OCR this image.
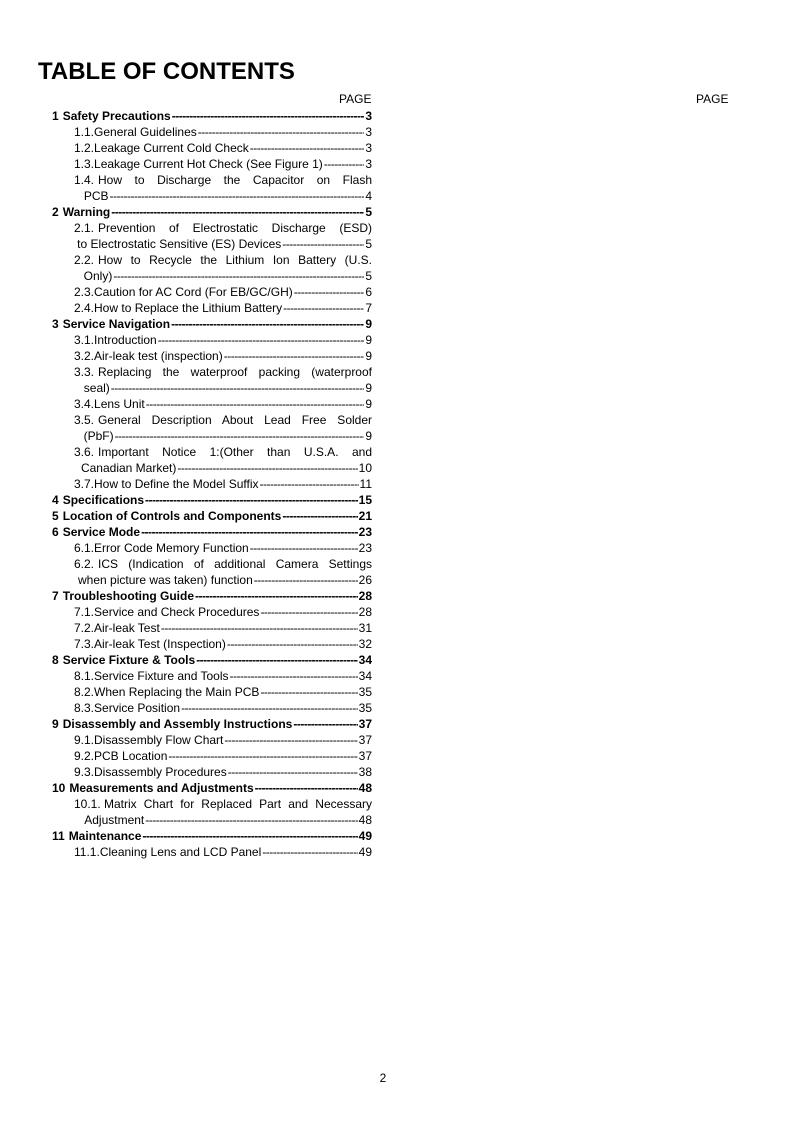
TABLE OF CONTENTS
PAGE	PAGE
1 Safety Precautions -----	3
1.1. General Guidelines -----	3
1.2. Leakage Current Cold Check -----	3
1.3. Leakage Current Hot Check (See Figure 1) -----	3
1.4. How to Discharge the Capacitor on Flash
PCB -----	4
2 Warning -----	5
2.1. Prevention of Electrostatic Discharge (ESD)
to Electrostatic Sensitive (ES) Devices -----	5
2.2. How to Recycle the Lithium Ion Battery (U.S.
Only) -----	5
2.3. Caution for AC Cord (For EB/GC/GH) -----	6
2.4. How to Replace the Lithium Battery -----	7
3 Service Navigation -----	9
3.1. Introduction -----	9
3.2. Air-leak test (inspection) -----	9
3.3. Replacing the waterproof packing (waterproof
seal) -----	9
3.4. Lens Unit -----	9
3.5. General Description About Lead Free Solder
(PbF) -----	9
3.6. Important Notice 1:(Other than U.S.A. and
Canadian Market) -----	10
3.7. How to Define the Model Suffix -----	11
4 Specifications -----	15
5 Location of Controls and Components -----	21
6 Service Mode -----	23
6.1. Error Code Memory Function -----	23
6.2. ICS (Indication of additional Camera Settings
when picture was taken) function -----	26
7 Troubleshooting Guide -----	28
7.1. Service and Check Procedures -----	28
7.2. Air-leak Test -----	31
7.3. Air-leak Test (Inspection) -----	32
8 Service Fixture & Tools -----	34
8.1. Service Fixture and Tools -----	34
8.2. When Replacing the Main PCB -----	35
8.3. Service Position -----	35
9 Disassembly and Assembly Instructions -----	37
9.1. Disassembly Flow Chart -----	37
9.2. PCB Location -----	37
9.3. Disassembly Procedures -----	38
10 Measurements and Adjustments -----	48
10.1. Matrix Chart for Replaced Part and Necessary
Adjustment -----	48
11 Maintenance -----	49
11.1. Cleaning Lens and LCD Panel -----	49
2
